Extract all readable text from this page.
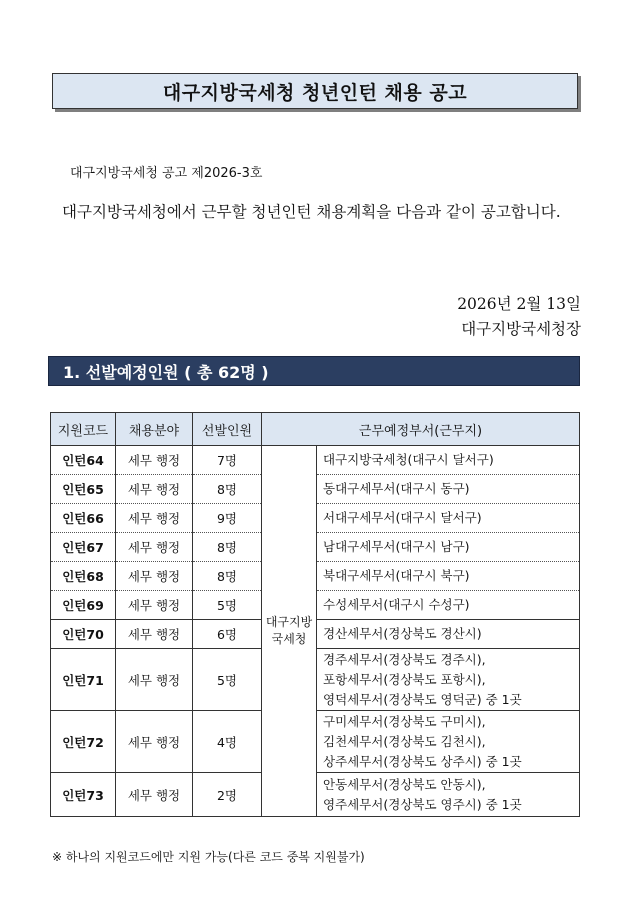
대구지방국세청 청년인턴 채용 공고
대구지방국세청 공고 제2026-3호
대구지방국세청에서 근무할 청년인턴 채용계획을 다음과 같이 공고합니다.
2026년 2월 13일
대구지방국세청장
1. 선발예정인원 ( 총 62명 )
지원코드	채용분야	선발인원	근무예정부서(근무지)	
인턴64	세무 행정	7명	대구지방국세청	대구지방국세청(대구시 달서구)

인턴65	세무 행정	8명		동대구세무서(대구시 동구)

인턴66	세무 행정	9명		서대구세무서(대구시 달서구)

인턴67	세무 행정	8명		남대구세무서(대구시 남구)

인턴68	세무 행정	8명		북대구세무서(대구시 북구)

인턴69	세무 행정	5명		수성세무서(대구시 수성구)

인턴70	세무 행정	6명		경산세무서(경상북도 경산시)

인턴71	세무 행정	5명		경주세무서(경상북도 경주시),
포항세무서(경상북도 포항시),
영덕세무서(경상북도 영덕군) 중 1곳

인턴72	세무 행정	4명		구미세무서(경상북도 구미시),
김천세무서(경상북도 김천시),
상주세무서(경상북도 상주시) 중 1곳

인턴73	세무 행정	2명		안동세무서(경상북도 안동시),
영주세무서(경상북도 영주시) 중 1곳
※ 하나의 지원코드에만 지원 가능(다른 코드 중복 지원불가)
